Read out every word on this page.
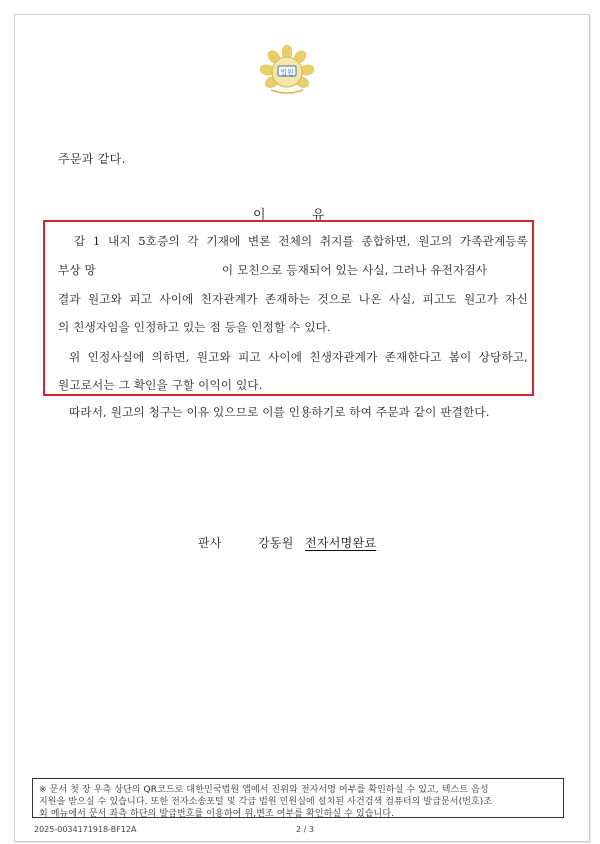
법원
주문과 같다.
이	유
갑 1 내지 5호증의 각 기재에 변론 전체의 취지를 종합하면, 원고의 가족관계등록
부상 망	이 모친으로 등재되어 있는 사실, 그러나 유전자검사
결과 원고와 피고 사이에 친자관계가 존재하는 것으로 나온 사실, 피고도 원고가 자신
의 친생자임을 인정하고 있는 점 등을 인정할 수 있다.
위 인정사실에 의하면, 원고와 피고 사이에 친생자관계가 존재한다고 봄이 상당하고,
원고로서는 그 확인을 구할 이익이 있다.
따라서, 원고의 청구는 이유 있으므로 이를 인용하기로 하여 주문과 같이 판결한다.
판사	강동원 전자서명완료
※ 문서 첫 장 우측 상단의 QR코드로 대한민국법원 앱에서 진위와 전자서명 여부를 확인하실 수 있고, 텍스트 음성
지원을 받으실 수 있습니다. 또한 전자소송포털 및 각급 법원 민원실에 설치된 사건검색 컴퓨터의 발급문서(번호)조
회 메뉴에서 문서 좌측 하단의 발급번호를 이용하여 위,변조 여부를 확인하실 수 있습니다.
2025-0034171918-BF12A	2 / 3
